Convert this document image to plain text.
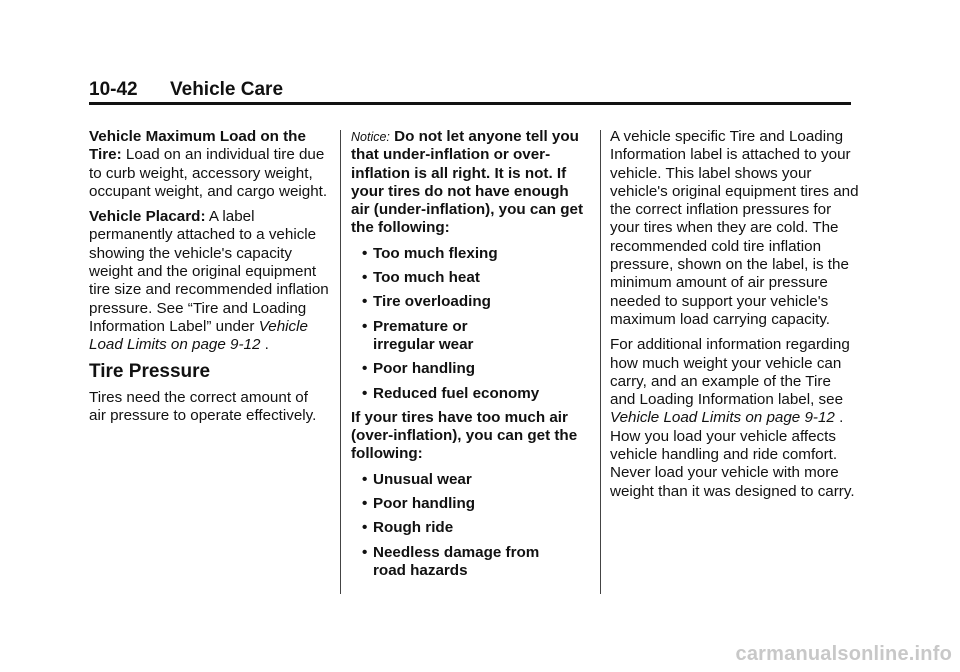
10-42 Vehicle Care

Vehicle Maximum Load on the Tire: Load on an individual tire due to curb weight, accessory weight, occupant weight, and cargo weight.

Vehicle Placard: A label permanently attached to a vehicle showing the vehicle's capacity weight and the original equipment tire size and recommended inflation pressure. See “Tire and Loading Information Label” under Vehicle Load Limits on page 9-12 .

Tire Pressure

Tires need the correct amount of air pressure to operate effectively.

Notice: Do not let anyone tell you that under-inflation or over-inflation is all right. It is not. If your tires do not have enough air (under-inflation), you can get the following:

• Too much flexing
• Too much heat
• Tire overloading
• Premature or
irregular wear
• Poor handling
• Reduced fuel economy

If your tires have too much air (over-inflation), you can get the following:

• Unusual wear
• Poor handling
• Rough ride
• Needless damage from
road hazards

A vehicle specific Tire and Loading Information label is attached to your vehicle. This label shows your vehicle's original equipment tires and the correct inflation pressures for your tires when they are cold. The recommended cold tire inflation pressure, shown on the label, is the minimum amount of air pressure needed to support your vehicle's maximum load carrying capacity.

For additional information regarding how much weight your vehicle can carry, and an example of the Tire and Loading Information label, see Vehicle Load Limits on page 9-12 . How you load your vehicle affects vehicle handling and ride comfort. Never load your vehicle with more weight than it was designed to carry.

carmanualsonline.info
